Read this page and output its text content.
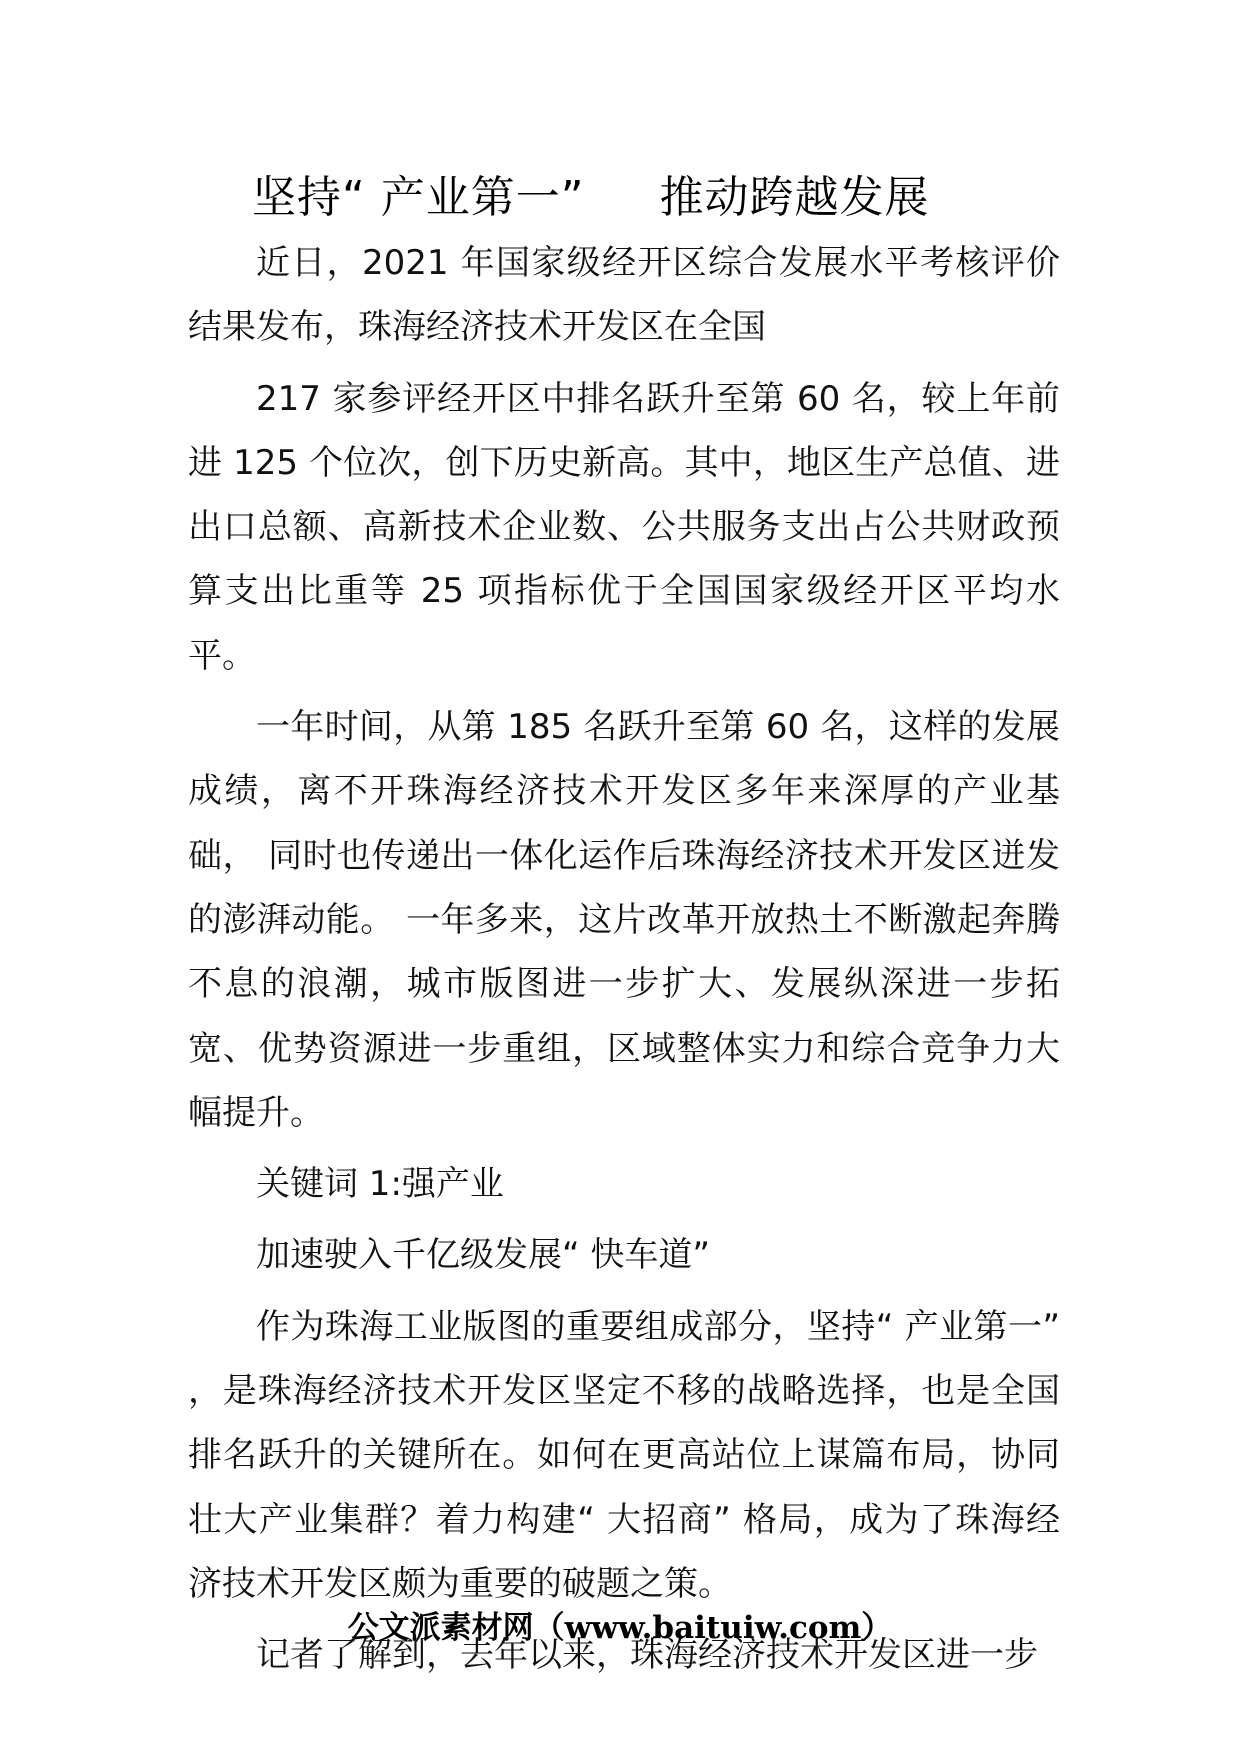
坚持“ 产业第一”     推动跨越发展

近日，2021 年国家级经开区综合发展水平考核评价结果发布，珠海经济技术开发区在全国

217 家参评经开区中排名跃升至第 60 名，较上年前进 125 个位次，创下历史新高。其中，地区生产总值、进出口总额、高新技术企业数、公共服务支出占公共财政预算支出比重等 25 项指标优于全国国家级经开区平均水平。

一年时间，从第 185 名跃升至第 60 名，这样的发展成绩，离不开珠海经济技术开发区多年来深厚的产业基础， 同时也传递出一体化运作后珠海经济技术开发区迸发的澎湃动能。 一年多来，这片改革开放热土不断激起奔腾不息的浪潮，城市版图进一步扩大、发展纵深进一步拓宽、优势资源进一步重组，区域整体实力和综合竞争力大幅提升。

关键词 1:强产业

加速驶入千亿级发展“ 快车道”

作为珠海工业版图的重要组成部分，坚持“ 产业第一” ，是珠海经济技术开发区坚定不移的战略选择，也是全国排名跃升的关键所在。如何在更高站位上谋篇布局，协同壮大产业集群？着力构建“ 大招商” 格局，成为了珠海经济技术开发区颇为重要的破题之策。

记者了解到，去年以来，珠海经济技术开发区进一步

公文派素材网（www.baituiw.com）
